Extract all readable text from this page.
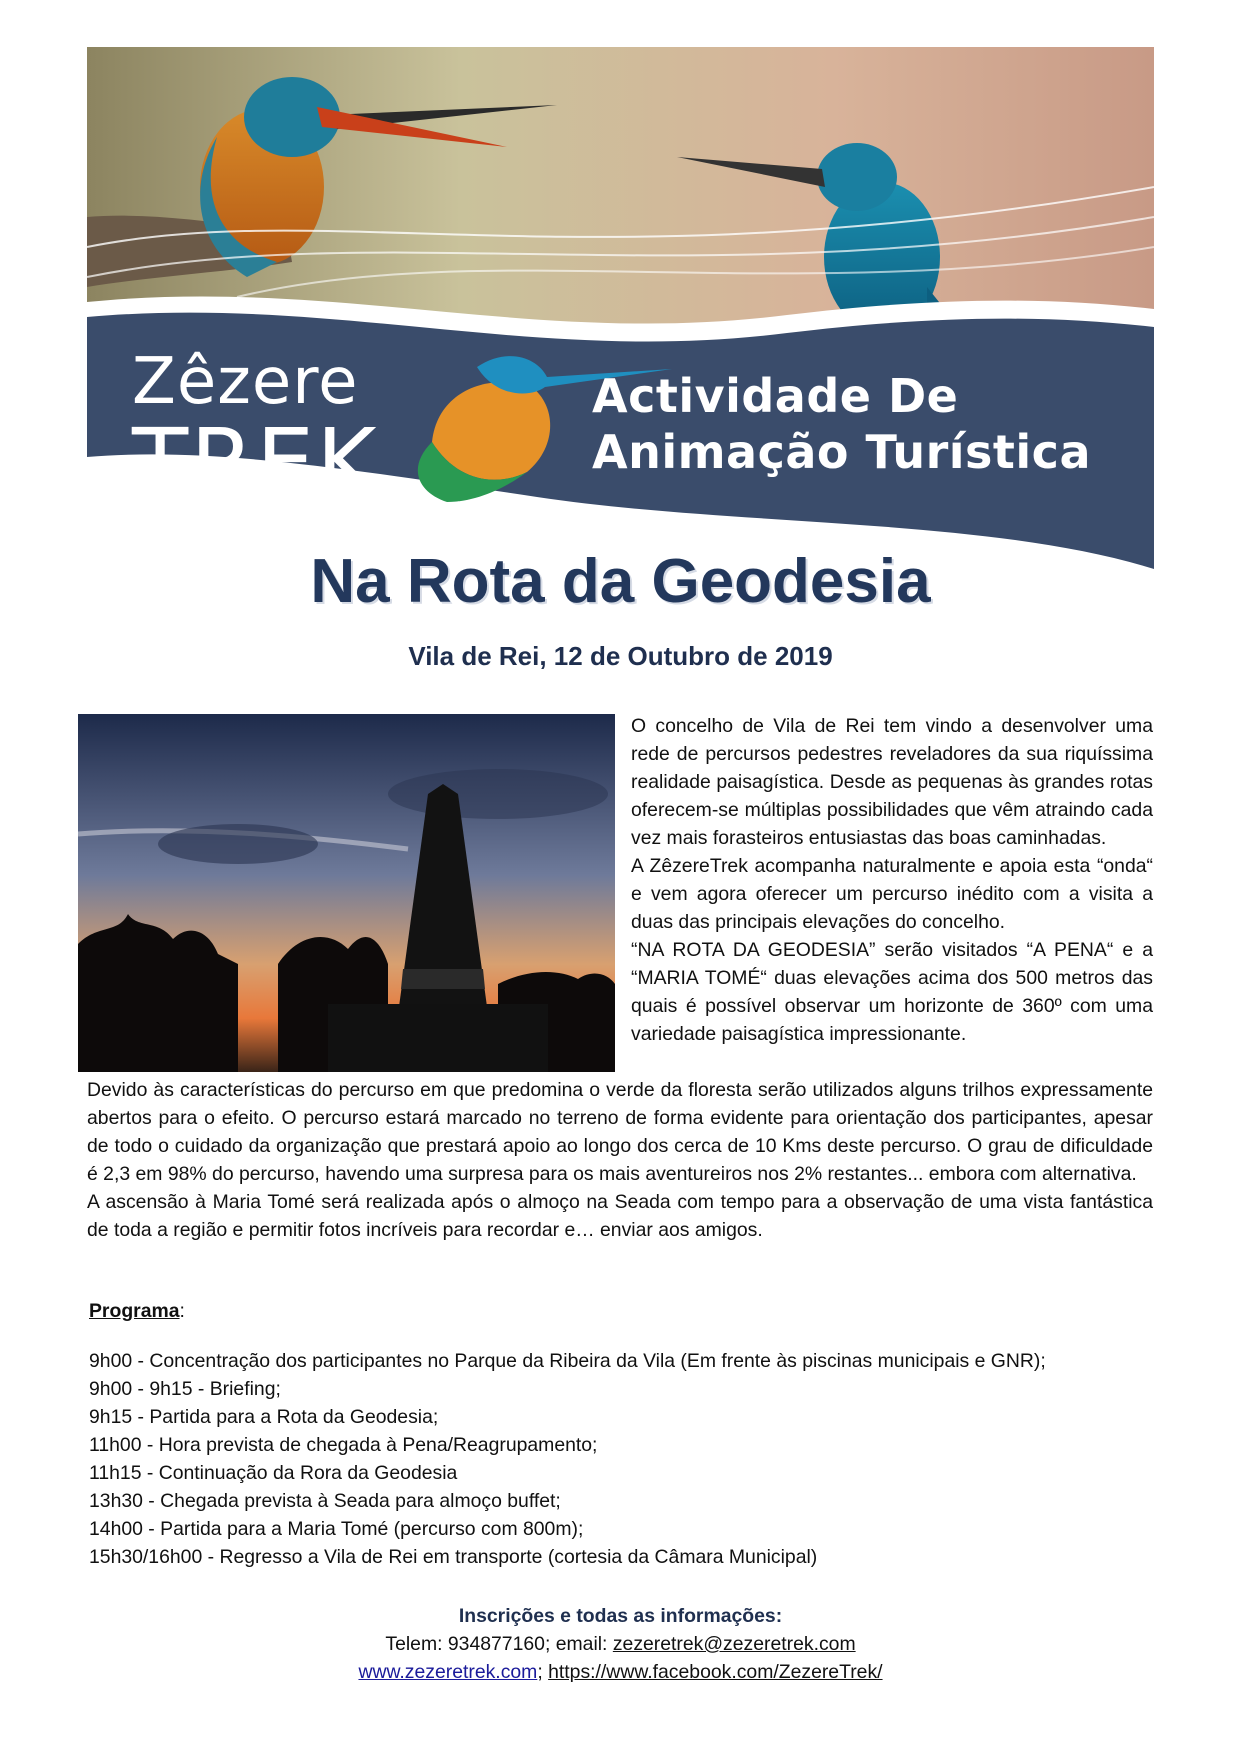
Zêzere
TREK
Actividade De
Animação Turística
Na Rota da Geodesia
Vila de Rei, 12 de Outubro de 2019

O concelho de Vila de Rei tem vindo a desenvolver uma rede de percursos pedestres reveladores da sua riquíssima realidade paisagística. Desde as pequenas às grandes rotas oferecem-se múltiplas possibilidades que vêm atraindo cada vez mais forasteiros entusiastas das boas caminhadas.

A ZêzereTrek acompanha naturalmente e apoia esta “onda“ e vem agora oferecer um percurso inédito com a visita a duas das principais elevações do concelho.

“NA ROTA DA GEODESIA” serão visitados “A PENA“ e a “MARIA TOMÉ“ duas elevações acima dos 500 metros das quais é possível observar um horizonte de 360º com uma variedade paisagística impressionante.

Devido às características do percurso em que predomina o verde da floresta serão utilizados alguns trilhos expressamente abertos para o efeito. O percurso estará marcado no terreno de forma evidente para orientação dos participantes, apesar de todo o cuidado da organização que prestará apoio ao longo dos cerca de 10 Kms deste percurso. O grau de dificuldade é 2,3 em 98% do percurso, havendo uma surpresa para os mais aventureiros nos 2% restantes... embora com alternativa.

A ascensão à Maria Tomé será realizada após o almoço na Seada com tempo para a observação de uma vista fantástica de toda a região e permitir fotos incríveis para recordar e… enviar aos amigos.

Programa:
9h00 - Concentração dos participantes no Parque da Ribeira da Vila (Em frente às piscinas municipais e GNR);
9h00 - 9h15 - Briefing;
9h15 - Partida para a Rota da Geodesia;
11h00 - Hora prevista de chegada à Pena/Reagrupamento;
11h15 - Continuação da Rora da Geodesia
13h30 - Chegada prevista à Seada para almoço buffet;
14h00 - Partida para a Maria Tomé (percurso com 800m);
15h30/16h00 - Regresso a Vila de Rei em transporte (cortesia da Câmara Municipal)
Inscrições e todas as informações:
Telem: 934877160; email: zezeretrek@zezeretrek.com
www.zezeretrek.com; https://www.facebook.com/ZezereTrek/
